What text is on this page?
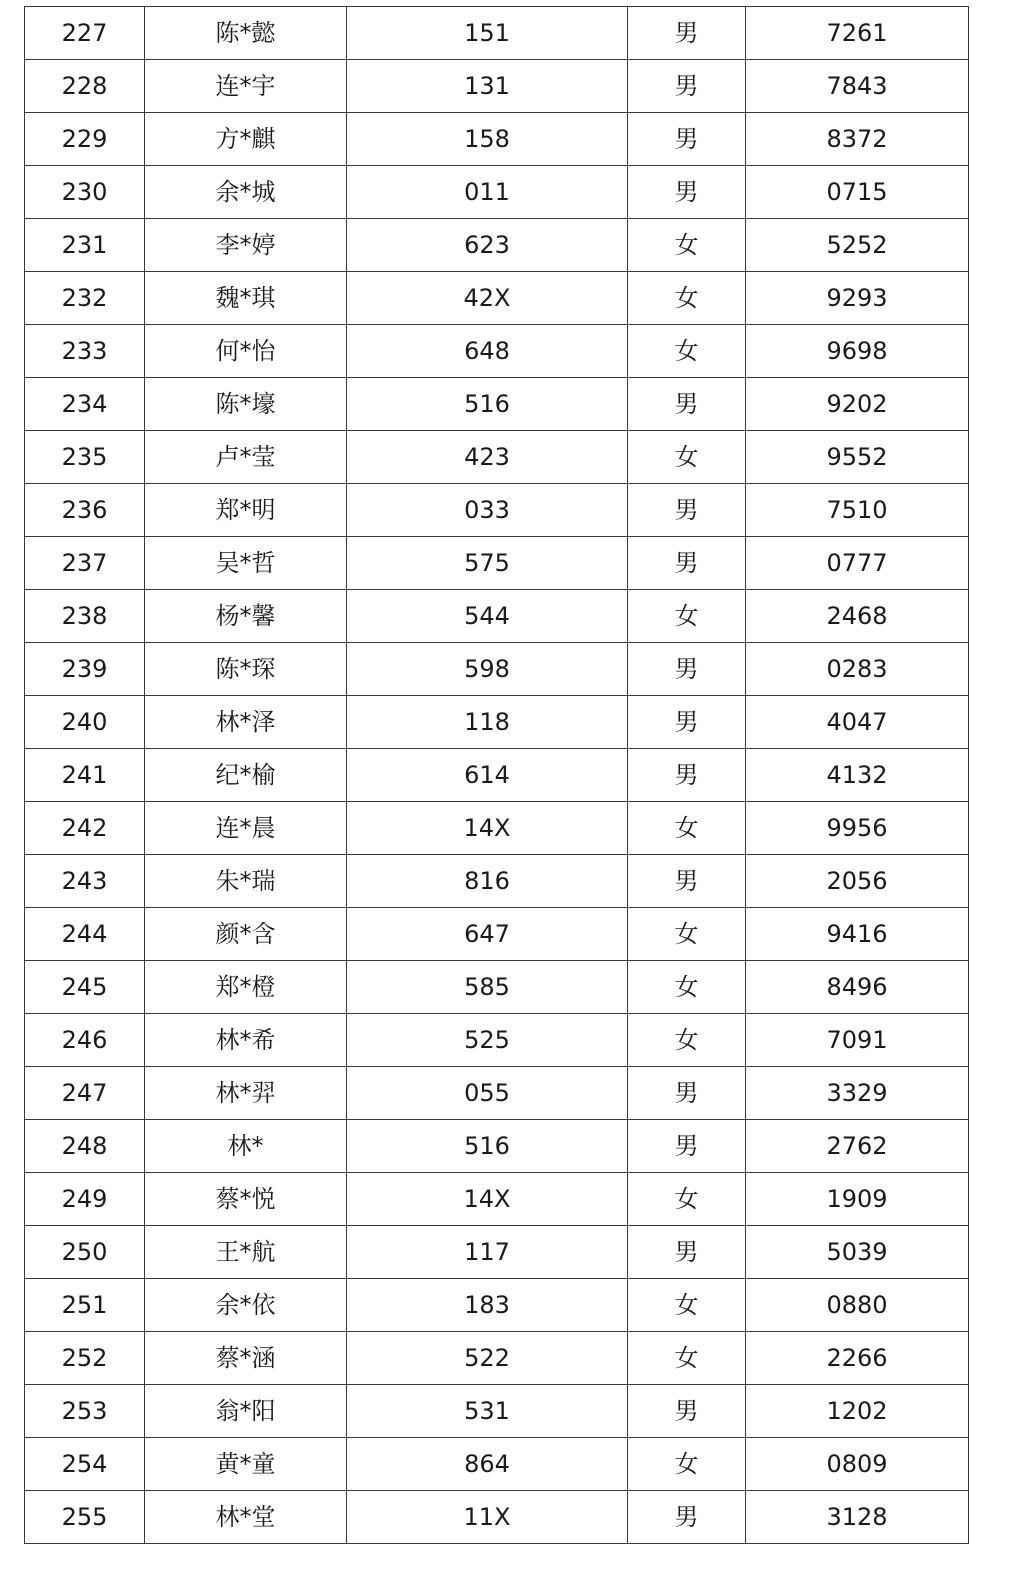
227	陈*懿	151	男	7261
228	连*宇	131	男	7843
229	方*麒	158	男	8372
230	余*城	011	男	0715
231	李*婷	623	女	5252
232	魏*琪	42X	女	9293
233	何*怡	648	女	9698
234	陈*壕	516	男	9202
235	卢*莹	423	女	9552
236	郑*明	033	男	7510
237	吴*哲	575	男	0777
238	杨*馨	544	女	2468
239	陈*琛	598	男	0283
240	林*泽	118	男	4047
241	纪*榆	614	男	4132
242	连*晨	14X	女	9956
243	朱*瑞	816	男	2056
244	颜*含	647	女	9416
245	郑*橙	585	女	8496
246	林*希	525	女	7091
247	林*羿	055	男	3329
248	林*	516	男	2762
249	蔡*悦	14X	女	1909
250	王*航	117	男	5039
251	余*依	183	女	0880
252	蔡*涵	522	女	2266
253	翁*阳	531	男	1202
254	黄*童	864	女	0809
255	林*堂	11X	男	3128
